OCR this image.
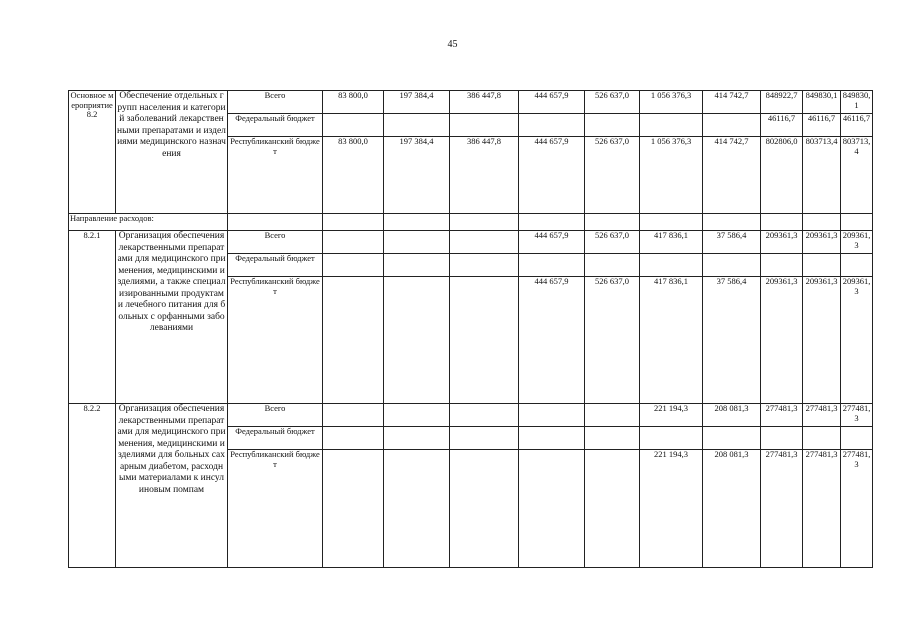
45
Основное мероприятие 8.2	Обеспечение отдельных групп населения и категорий заболеваний лекарственными препаратами и изделиями медицинского назначения	Всего	83 800,0	197 384,4	386 447,8	444 657,9	526 637,0	1 056 376,3	414 742,7	848922,7	849830,1	849830,1
		Федеральный бюджет								46116,7	46116,7	46116,7
		Республиканский бюджет	83 800,0	197 384,4	386 447,8	444 657,9	526 637,0	1 056 376,3	414 742,7	802806,0	803713,4	803713,4
Направление расходов:												
8.2.1	Организация обеспечения лекарственными препаратами для медицинского применения, медицинскими изделиями, а также специализированными продуктами лечебного питания для больных с орфанными заболеваниями	Всего				444 657,9	526 637,0	417 836,1	37 586,4	209361,3	209361,3	209361,3
		Федеральный бюджет										
		Республиканский бюджет				444 657,9	526 637,0	417 836,1	37 586,4	209361,3	209361,3	209361,3
8.2.2	Организация обеспечения лекарственными препаратами для медицинского применения, медицинскими изделиями для больных сахарным диабетом, расходными материалами к инсулиновым помпам	Всего						221 194,3	208 081,3	277481,3	277481,3	277481,3
		Федеральный бюджет										
		Республиканский бюджет						221 194,3	208 081,3	277481,3	277481,3	277481,3
